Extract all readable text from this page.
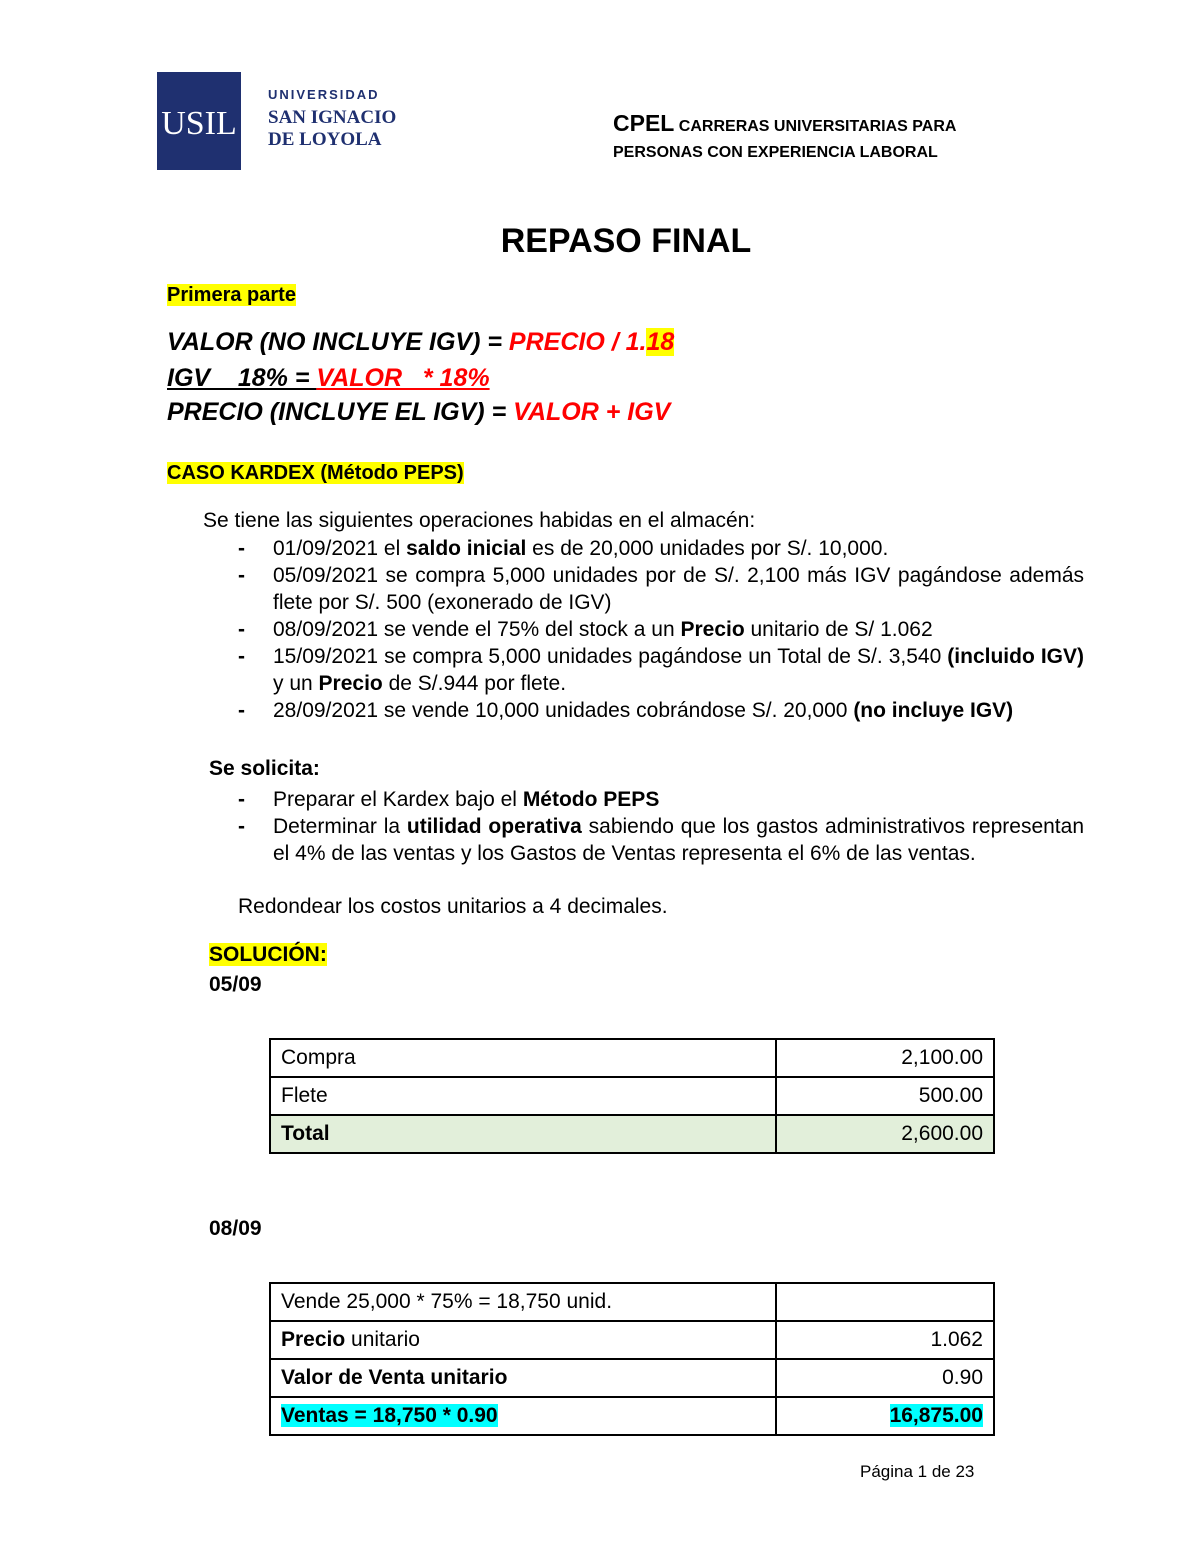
USIL
UNIVERSIDAD
SAN IGNACIO
DE LOYOLA
CPEL CARRERAS UNIVERSITARIAS PARA
PERSONAS CON EXPERIENCIA LABORAL
REPASO FINAL
Primera parte
VALOR (NO INCLUYE IGV) = PRECIO / 1.18
IGV    18% = VALOR   * 18%
PRECIO (INCLUYE EL IGV) = VALOR + IGV
CASO KARDEX (Método PEPS)
Se tiene las siguientes operaciones habidas en el almacén:
- 01/09/2021 el saldo inicial es de 20,000 unidades por S/. 10,000.
- 05/09/2021 se compra 5,000 unidades por de S/. 2,100 más IGV pagándose además flete por S/. 500 (exonerado de IGV)
- 08/09/2021 se vende el 75% del stock a un Precio unitario de S/ 1.062
- 15/09/2021 se compra 5,000 unidades pagándose un Total de S/. 3,540 (incluido IGV) y un Precio de S/.944 por flete.
- 28/09/2021 se vende 10,000 unidades cobrándose S/. 20,000 (no incluye IGV)
Se solicita:
- Preparar el Kardex bajo el Método PEPS
- Determinar la utilidad operativa sabiendo que los gastos administrativos representan el 4% de las ventas y los Gastos de Ventas representa el 6% de las ventas.
Redondear los costos unitarios a 4 decimales.
SOLUCIÓN:
05/09
Compra	2,100.00
Flete	500.00
Total	2,600.00
08/09
Vende 25,000 * 75% = 18,750 unid.	
Precio unitario	1.062
Valor de Venta unitario	0.90
Ventas = 18,750 * 0.90	16,875.00
Página 1 de 23
